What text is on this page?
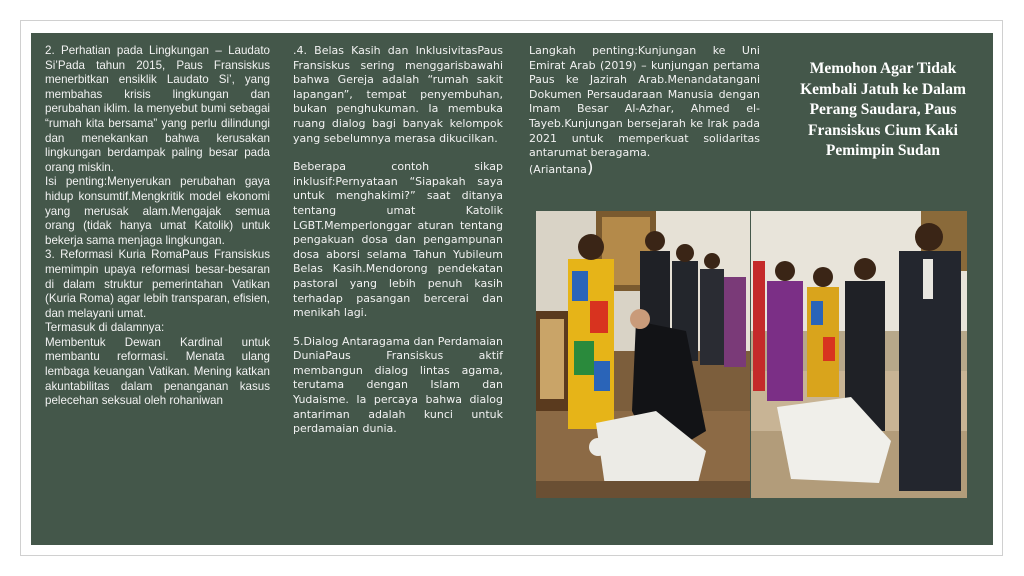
2. Perhatian pada Lingkungan – Laudato Si’Pada tahun 2015, Paus Fransiskus menerbitkan ensiklik Laudato Si’, yang membahas krisis lingkungan dan perubahan iklim. Ia menyebut bumi sebagai “rumah kita bersama” yang perlu dilindungi dan menekankan bahwa kerusakan lingkungan berdampak paling besar pada orang miskin.

Isi penting:Menyerukan perubahan gaya hidup konsumtif.Mengkritik model ekonomi yang merusak alam.Mengajak semua orang (tidak hanya umat Katolik) untuk bekerja sama menjaga lingkungan.

3. Reformasi Kuria RomaPaus Fransiskus memimpin upaya reformasi besar-besaran di dalam struktur pemerintahan Vatikan (Kuria Roma) agar lebih transparan, efisien, dan melayani umat.

Termasuk di dalamnya:

Membentuk Dewan Kardinal untuk membantu reformasi. Menata ulang lembaga keuangan Vatikan. Mening katkan akuntabilitas dalam penanganan kasus pelecehan seksual oleh rohaniwan

.4. Belas Kasih dan InklusivitasPaus Fransiskus sering menggarisbawahi bahwa Gereja adalah “rumah sakit lapangan”, tempat penyembuhan, bukan penghukuman. Ia membuka ruang dialog bagi banyak kelompok yang sebelumnya merasa dikucilkan.

Beberapa contoh sikap inklusif:Pernyataan “Siapakah saya untuk menghakimi?” saat ditanya tentang umat Katolik LGBT.Memperlonggar aturan tentang pengakuan dosa dan pengampunan dosa aborsi selama Tahun Yubileum Belas Kasih.Mendorong pendekatan pastoral yang lebih penuh kasih terhadap pasangan bercerai dan menikah lagi.

5.Dialog Antaragama dan Perdamaian DuniaPaus Fransiskus aktif membangun dialog lintas agama, terutama dengan Islam dan Yudaisme. Ia percaya bahwa dialog antariman adalah kunci untuk perdamaian dunia.

Langkah penting:Kunjungan ke Uni Emirat Arab (2019) – kunjungan pertama Paus ke Jazirah Arab.Menandatangani Dokumen Persaudaraan Manusia dengan Imam Besar Al-Azhar, Ahmed el-Tayeb.Kunjungan bersejarah ke Irak pada 2021 untuk memperkuat solidaritas antarumat beragama.

(Ariantana)

Memohon Agar Tidak Kembali Jatuh ke Dalam Perang Saudara, Paus Fransiskus Cium Kaki Pemimpin Sudan
